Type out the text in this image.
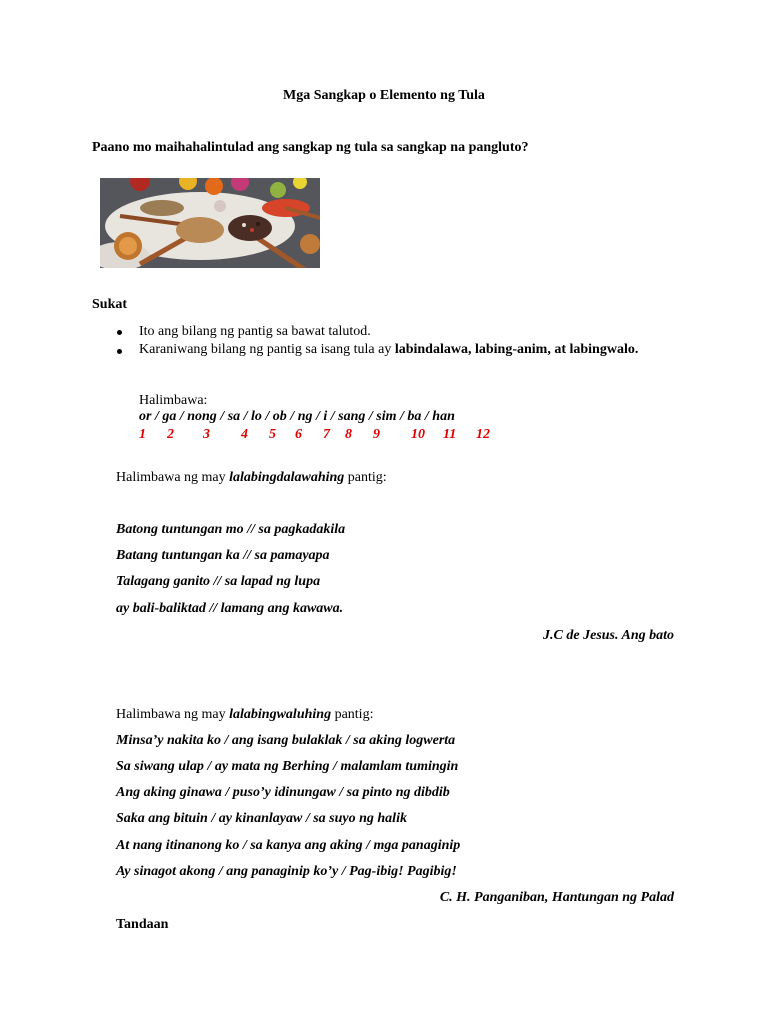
Mga Sangkap o Elemento ng Tula
Paano mo maihahalintulad ang sangkap ng tula sa sangkap na pangluto?
Sukat
Ito ang bilang ng pantig sa bawat talutod.
Karaniwang bilang ng pantig sa isang tula ay labindalawa, labing-anim, at labingwalo.
Halimbawa:
or / ga / nong / sa / lo / ob / ng / i / sang / sim / ba / han
1 2 3 4 5 6 7 8 9 10 11 12
Halimbawa ng may lalabingdalawahing pantig:
Batong tuntungan mo // sa pagkadakila
Batang tuntungan ka // sa pamayapa
Talagang ganito // sa lapad ng lupa
ay bali-baliktad // lamang ang kawawa.
J.C de Jesus. Ang bato
Halimbawa ng may lalabingwaluhing pantig:
Minsa’y nakita ko / ang isang bulaklak / sa aking logwerta
Sa siwang ulap / ay mata ng Berhing / malamlam tumingin
Ang aking ginawa / puso’y idinungaw / sa pinto ng dibdib
Saka ang bituin / ay kinanlayaw / sa suyo ng halik
At nang itinanong ko / sa kanya ang aking / mga panaginip
Ay sinagot akong / ang panaginip ko’y / Pag-ibig! Pagibig!
C. H. Panganiban, Hantungan ng Palad
Tandaan
